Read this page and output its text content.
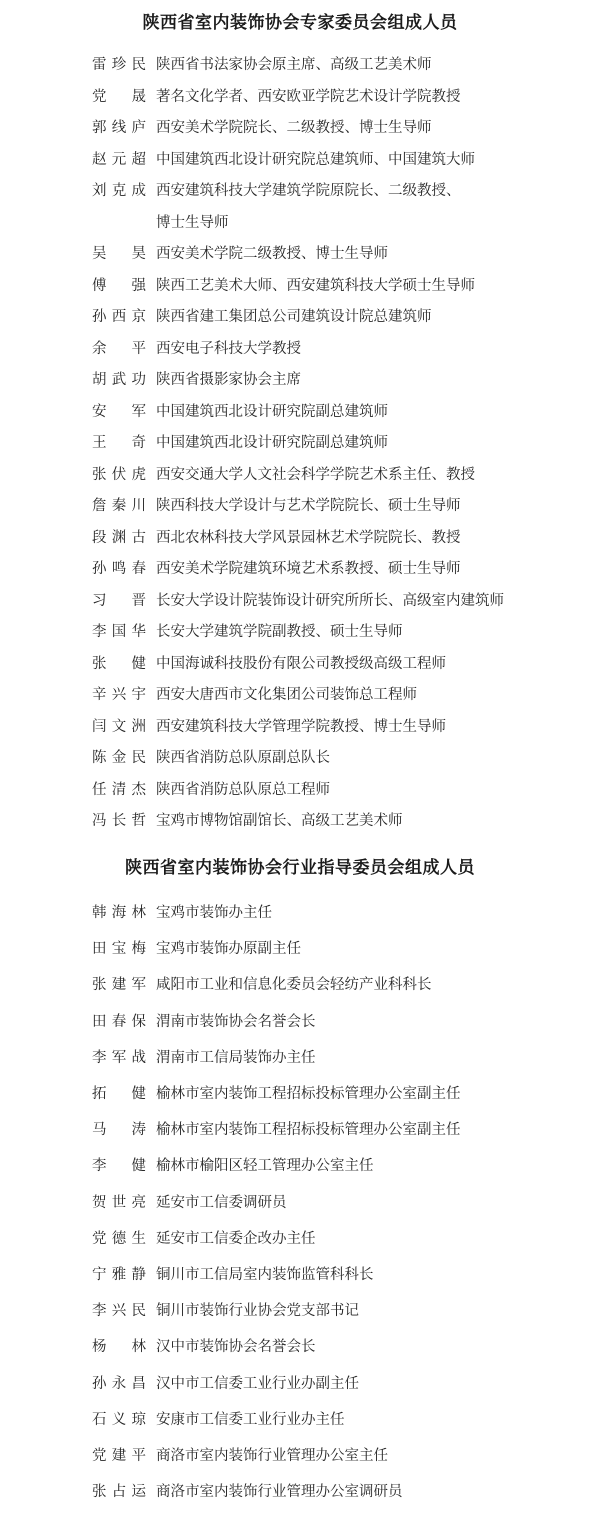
陕西省室内装饰协会专家委员会组成人员
雷珍民 陕西省书法家协会原主席、高级工艺美术师
党 晟 著名文化学者、西安欧亚学院艺术设计学院教授
郭线庐 西安美术学院院长、二级教授、博士生导师
赵元超 中国建筑西北设计研究院总建筑师、中国建筑大师
刘克成 西安建筑科技大学建筑学院原院长、二级教授、
博士生导师
吴 昊 西安美术学院二级教授、博士生导师
傅 强 陕西工艺美术大师、西安建筑科技大学硕士生导师
孙西京 陕西省建工集团总公司建筑设计院总建筑师
余 平 西安电子科技大学教授
胡武功 陕西省摄影家协会主席
安 军 中国建筑西北设计研究院副总建筑师
王 奇 中国建筑西北设计研究院副总建筑师
张伏虎 西安交通大学人文社会科学学院艺术系主任、教授
詹秦川 陕西科技大学设计与艺术学院院长、硕士生导师
段渊古 西北农林科技大学风景园林艺术学院院长、教授
孙鸣春 西安美术学院建筑环境艺术系教授、硕士生导师
习 晋 长安大学设计院装饰设计研究所所长、高级室内建筑师
李国华 长安大学建筑学院副教授、硕士生导师
张 健 中国海诚科技股份有限公司教授级高级工程师
辛兴宇 西安大唐西市文化集团公司装饰总工程师
闫文洲 西安建筑科技大学管理学院教授、博士生导师
陈金民 陕西省消防总队原副总队长
任清杰 陕西省消防总队原总工程师
冯长哲 宝鸡市博物馆副馆长、高级工艺美术师
陕西省室内装饰协会行业指导委员会组成人员
韩海林 宝鸡市装饰办主任
田宝梅 宝鸡市装饰办原副主任
张建军 咸阳市工业和信息化委员会轻纺产业科科长
田春保 渭南市装饰协会名誉会长
李军战 渭南市工信局装饰办主任
拓 健 榆林市室内装饰工程招标投标管理办公室副主任
马 涛 榆林市室内装饰工程招标投标管理办公室副主任
李 健 榆林市榆阳区轻工管理办公室主任
贺世亮 延安市工信委调研员
党德生 延安市工信委企改办主任
宁雅静 铜川市工信局室内装饰监管科科长
李兴民 铜川市装饰行业协会党支部书记
杨 林 汉中市装饰协会名誉会长
孙永昌 汉中市工信委工业行业办副主任
石义琼 安康市工信委工业行业办主任
党建平 商洛市室内装饰行业管理办公室主任
张占运 商洛市室内装饰行业管理办公室调研员
